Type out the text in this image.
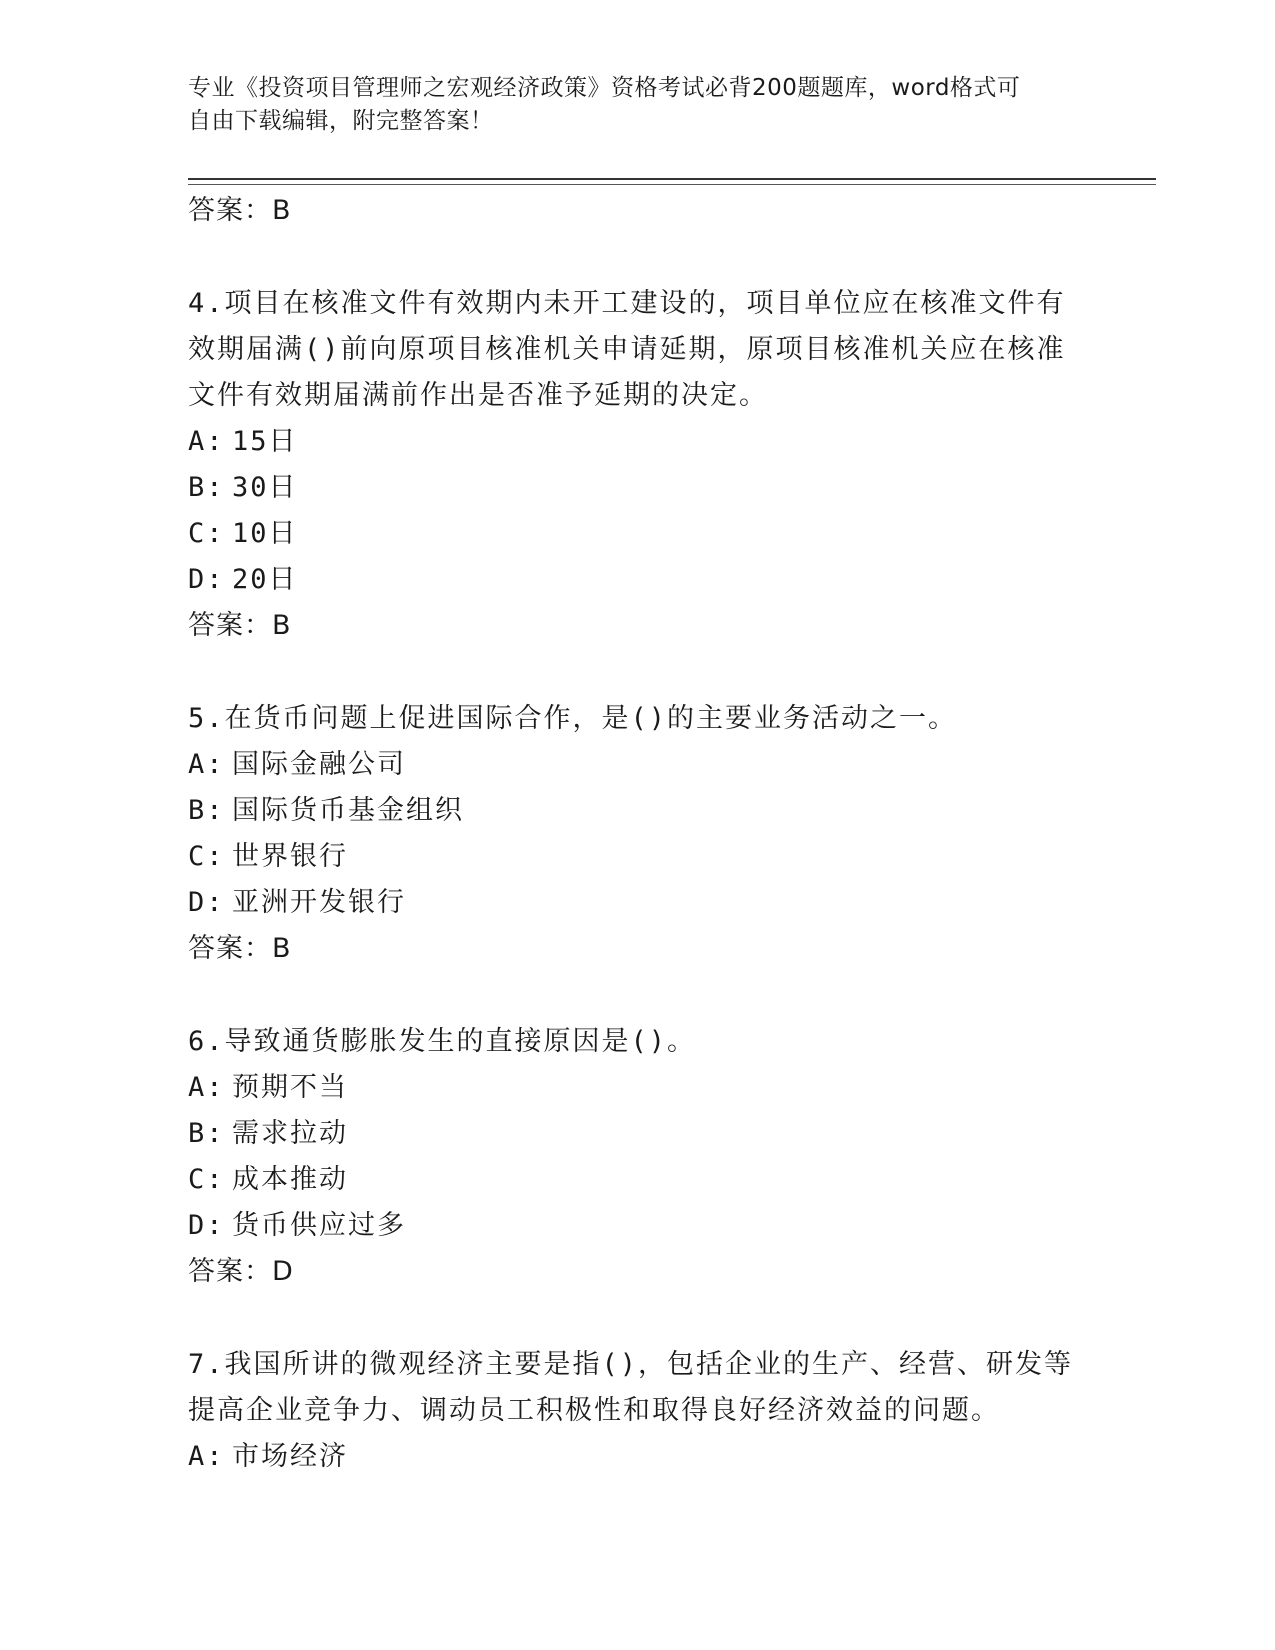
专业《投资项目管理师之宏观经济政策》资格考试必背200题题库，word格式可
自由下载编辑，附完整答案！
答案：B

4.项目在核准文件有效期内未开工建设的，项目单位应在核准文件有效期届满()前向原项目核准机关申请延期，原项目核准机关应在核准文件有效期届满前作出是否准予延期的决定。

A: 15日
B: 30日
C: 10日
D: 20日
答案：B

5.在货币问题上促进国际合作，是()的主要业务活动之一。

A: 国际金融公司
B: 国际货币基金组织
C: 世界银行
D: 亚洲开发银行
答案：B

6.导致通货膨胀发生的直接原因是()。

A: 预期不当
B: 需求拉动
C: 成本推动
D: 货币供应过多
答案：D

7.我国所讲的微观经济主要是指()，包括企业的生产、经营、研发等提高企业竞争力、调动员工积极性和取得良好经济效益的问题。

A: 市场经济
